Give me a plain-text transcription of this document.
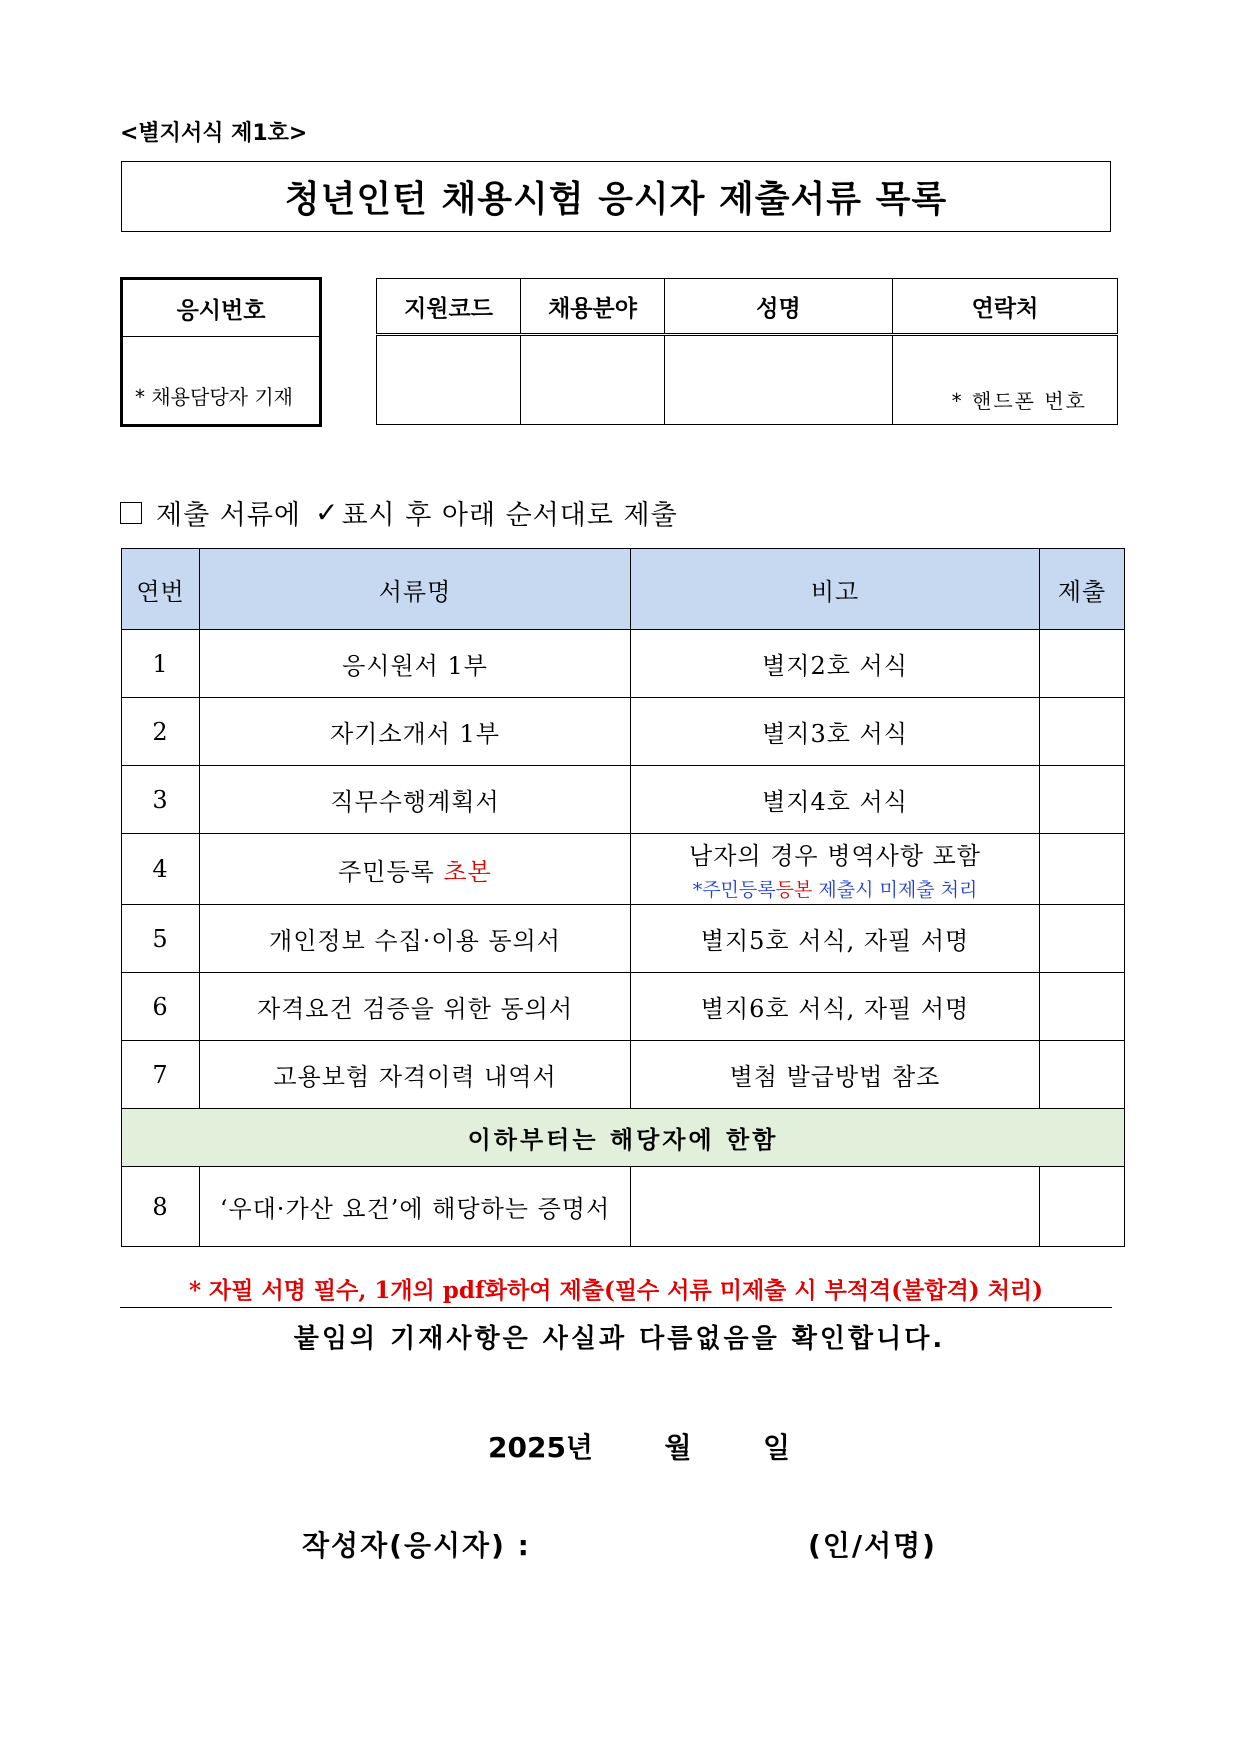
<별지서식 제1호>
청년인턴 채용시험 응시자 제출서류 목록
응시번호
* 채용담당자 기재
지원코드	채용분야	성명	연락처

			* 핸드폰 번호
제출 서류에 ✓ 표시 후 아래 순서대로 제출
연번	서류명	비고	제출
1	응시원서 1부	별지2호 서식	
2	자기소개서 1부	별지3호 서식	
3	직무수행계획서	별지4호 서식	
4	주민등록 초본	남자의 경우 병역사항 포함
*주민등록등본 제출시 미제출 처리	

5	개인정보 수집·이용 동의서	별지5호 서식, 자필 서명	
6	자격요건 검증을 위한 동의서	별지6호 서식, 자필 서명	
7	고용보험 자격이력 내역서	별첨 발급방법 참조	
이하부터는 해당자에 한함			
8	‘우대·가산 요건’에 해당하는 증명서		
* 자필 서명 필수, 1개의 pdf화하여 제출(필수 서류 미제출 시 부적격(불합격) 처리)
붙임의 기재사항은 사실과 다름없음을 확인합니다.
2025년	월	일
작성자(응시자) :	(인/서명)
